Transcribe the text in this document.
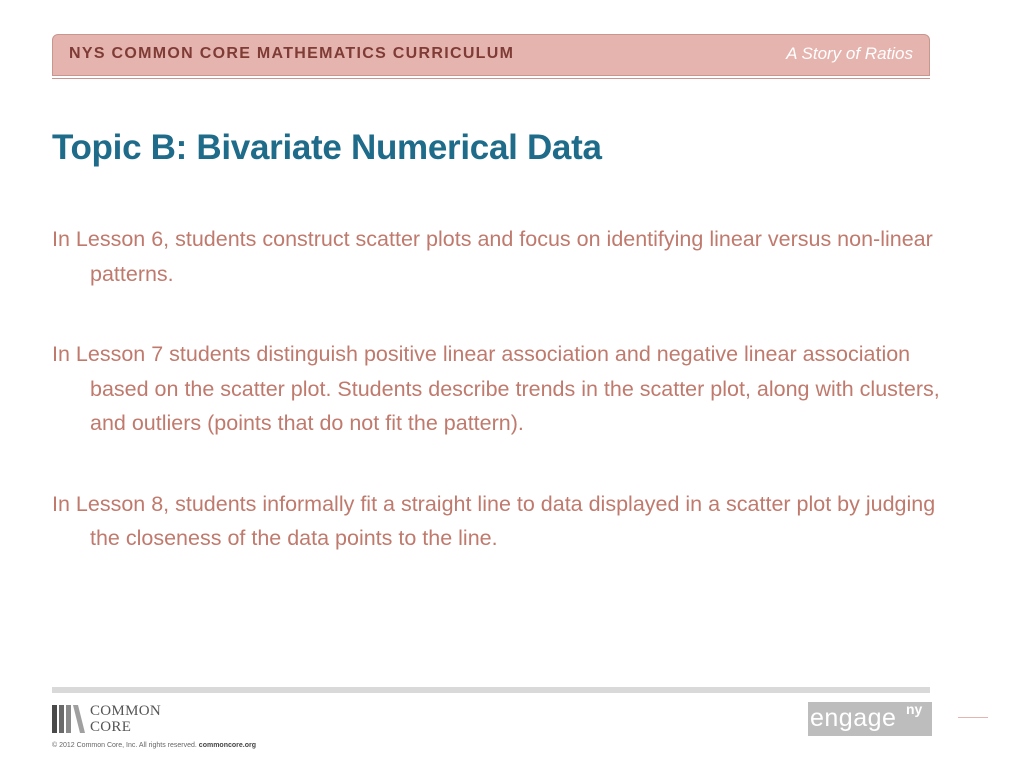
NYS COMMON CORE MATHEMATICS CURRICULUM	A Story of Ratios
Topic B: Bivariate Numerical Data

In Lesson 6, students construct scatter plots and focus on identifying linear versus non-linear patterns.

In Lesson 7 students distinguish positive linear association and negative linear association based on the scatter plot. Students describe trends in the scatter plot, along with clusters, and outliers (points that do not fit the pattern).

In Lesson 8, students informally fit a straight line to data displayed in a scatter plot by judging the closeness of the data points to the line.

COMMON
CORE
© 2012 Common Core, Inc. All rights reserved. commoncore.org
engage ny
